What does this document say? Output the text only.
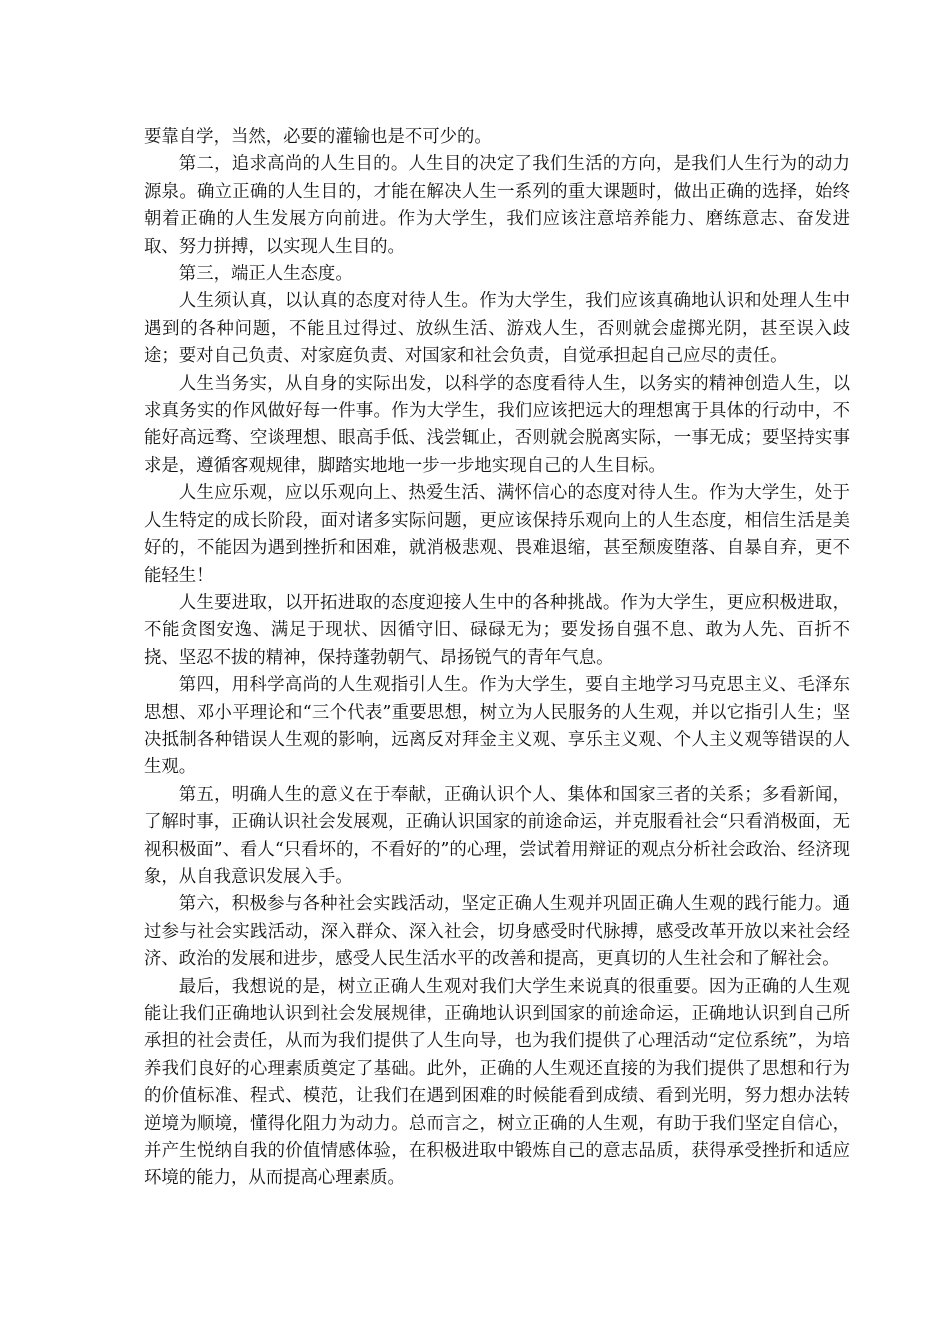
要靠自学，当然，必要的灌输也是不可少的。

第二，追求高尚的人生目的。人生目的决定了我们生活的方向，是我们人生行为的动力源泉。确立正确的人生目的，才能在解决人生一系列的重大课题时，做出正确的选择，始终朝着正确的人生发展方向前进。作为大学生，我们应该注意培养能力、磨练意志、奋发进取、努力拼搏，以实现人生目的。

第三，端正人生态度。

人生须认真，以认真的态度对待人生。作为大学生，我们应该真确地认识和处理人生中遇到的各种问题，不能且过得过、放纵生活、游戏人生，否则就会虚掷光阴，甚至误入歧途；要对自己负责、对家庭负责、对国家和社会负责，自觉承担起自己应尽的责任。

人生当务实，从自身的实际出发，以科学的态度看待人生，以务实的精神创造人生，以求真务实的作风做好每一件事。作为大学生，我们应该把远大的理想寓于具体的行动中，不能好高远骛、空谈理想、眼高手低、浅尝辄止，否则就会脱离实际，一事无成；要坚持实事求是，遵循客观规律，脚踏实地地一步一步地实现自己的人生目标。

人生应乐观，应以乐观向上、热爱生活、满怀信心的态度对待人生。作为大学生，处于人生特定的成长阶段，面对诸多实际问题，更应该保持乐观向上的人生态度，相信生活是美好的，不能因为遇到挫折和困难，就消极悲观、畏难退缩，甚至颓废堕落、自暴自弃，更不能轻生！

人生要进取，以开拓进取的态度迎接人生中的各种挑战。作为大学生，更应积极进取，不能贪图安逸、满足于现状、因循守旧、碌碌无为；要发扬自强不息、敢为人先、百折不挠、坚忍不拔的精神，保持蓬勃朝气、昂扬锐气的青年气息。

第四，用科学高尚的人生观指引人生。作为大学生，要自主地学习马克思主义、毛泽东思想、邓小平理论和“三个代表”重要思想，树立为人民服务的人生观，并以它指引人生；坚决抵制各种错误人生观的影响，远离反对拜金主义观、享乐主义观、个人主义观等错误的人生观。

第五，明确人生的意义在于奉献，正确认识个人、集体和国家三者的关系；多看新闻，了解时事，正确认识社会发展观，正确认识国家的前途命运，并克服看社会“只看消极面，无视积极面”、看人“只看坏的，不看好的”的心理，尝试着用辩证的观点分析社会政治、经济现象，从自我意识发展入手。

第六，积极参与各种社会实践活动，坚定正确人生观并巩固正确人生观的践行能力。通过参与社会实践活动，深入群众、深入社会，切身感受时代脉搏，感受改革开放以来社会经济、政治的发展和进步，感受人民生活水平的改善和提高，更真切的人生社会和了解社会。

最后，我想说的是，树立正确人生观对我们大学生来说真的很重要。因为正确的人生观能让我们正确地认识到社会发展规律，正确地认识到国家的前途命运，正确地认识到自己所承担的社会责任，从而为我们提供了人生向导，也为我们提供了心理活动“定位系统”，为培养我们良好的心理素质奠定了基础。此外，正确的人生观还直接的为我们提供了思想和行为的价值标准、程式、模范，让我们在遇到困难的时候能看到成绩、看到光明，努力想办法转逆境为顺境，懂得化阻力为动力。总而言之，树立正确的人生观，有助于我们坚定自信心，并产生悦纳自我的价值情感体验，在积极进取中锻炼自己的意志品质，获得承受挫折和适应环境的能力，从而提高心理素质。
